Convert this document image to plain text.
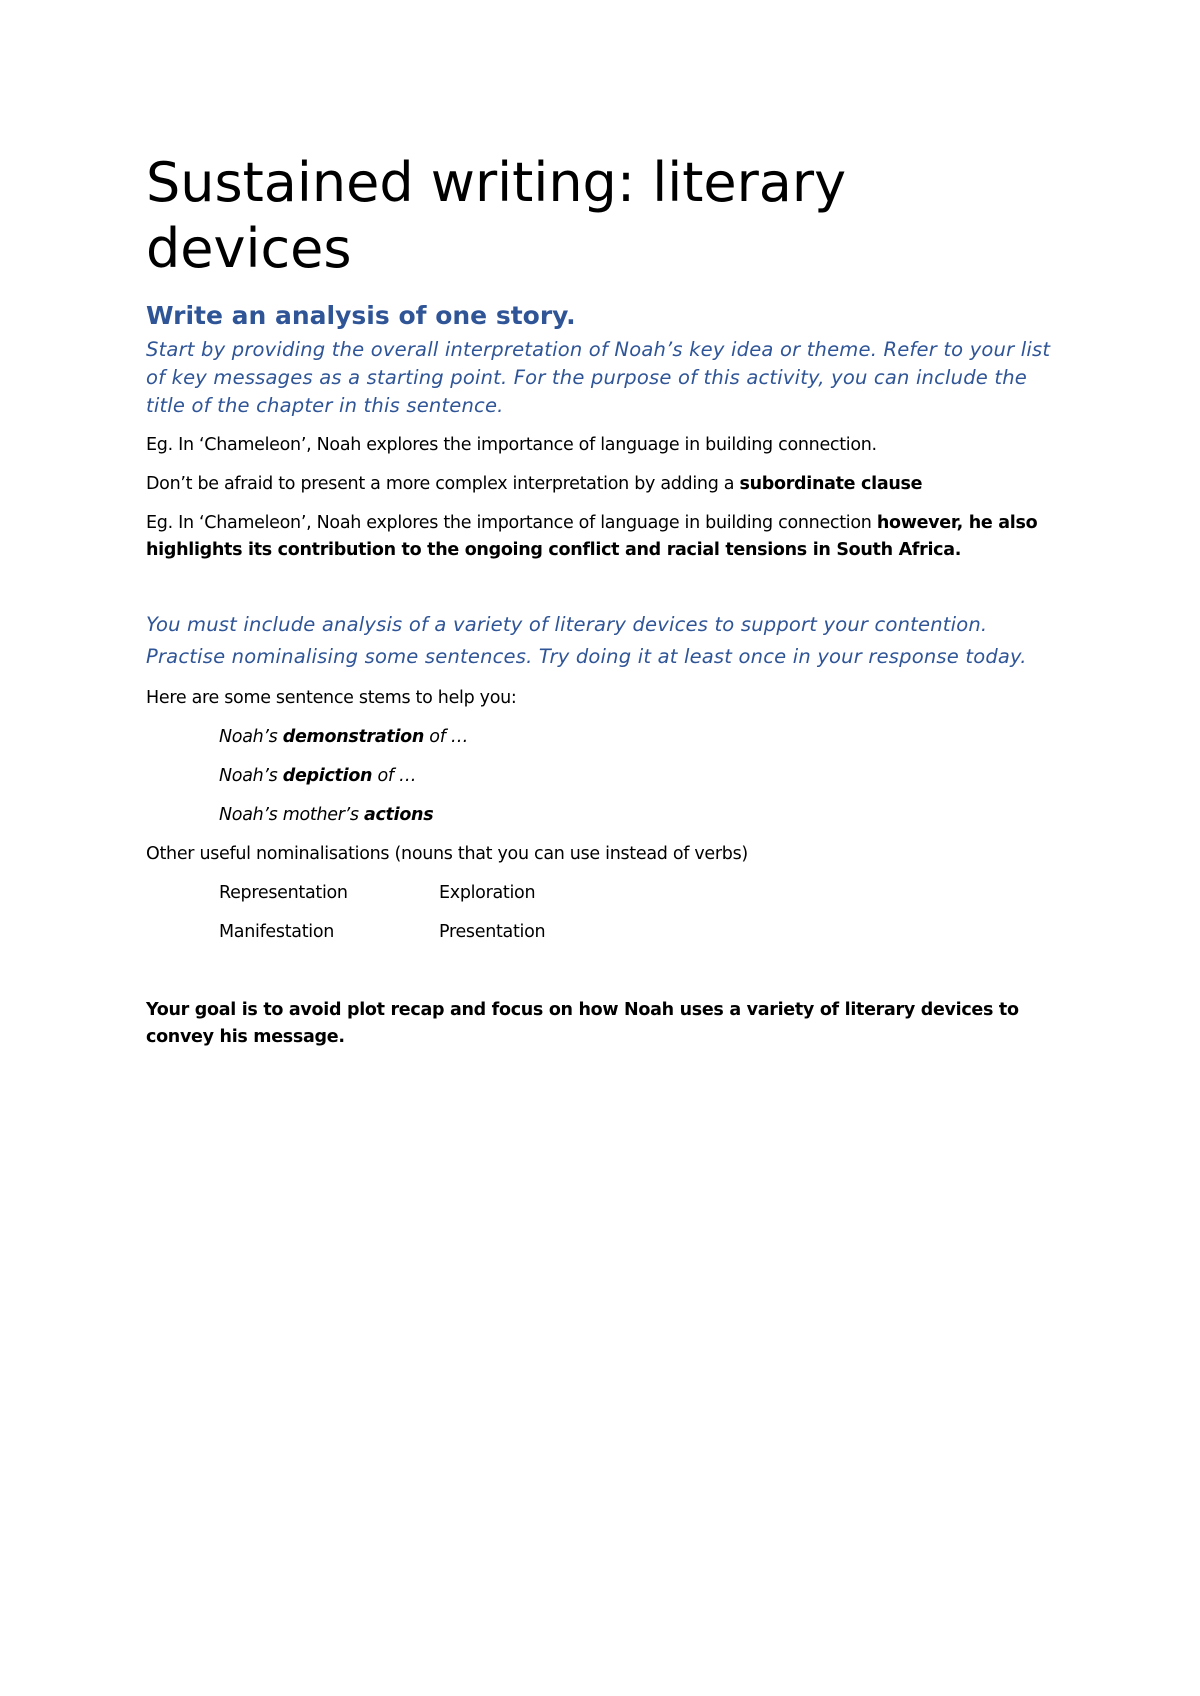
Sustained writing: literary devices
Write an analysis of one story.

Start by providing the overall interpretation of Noah’s key idea or theme. Refer to your list of key messages as a starting point. For the purpose of this activity, you can include the title of the chapter in this sentence.

Eg. In ‘Chameleon’, Noah explores the importance of language in building connection.

Don’t be afraid to present a more complex interpretation by adding a subordinate clause

Eg. In ‘Chameleon’, Noah explores the importance of language in building connection however, he also highlights its contribution to the ongoing conflict and racial tensions in South Africa.

You must include analysis of a variety of literary devices to support your contention.

Practise nominalising some sentences. Try doing it at least once in your response today.

Here are some sentence stems to help you:

Noah’s demonstration of …

Noah’s depiction of …

Noah’s mother’s actions

Other useful nominalisations (nouns that you can use instead of verbs)

Representation	Exploration
Manifestation	Presentation

Your goal is to avoid plot recap and focus on how Noah uses a variety of literary devices to convey his message.
